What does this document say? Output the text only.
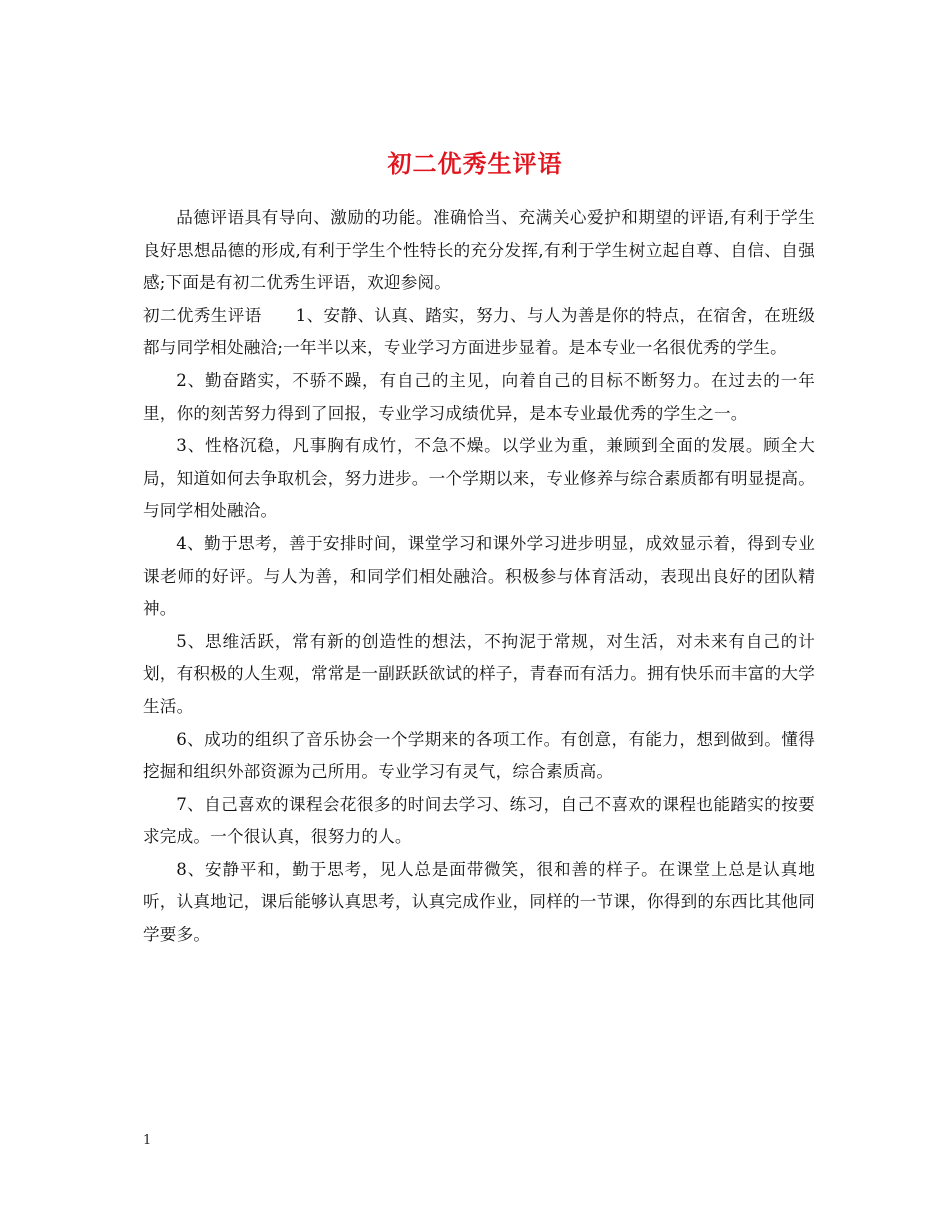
初二优秀生评语

品德评语具有导向、激励的功能。准确恰当、充满关心爱护和期望的评语,有利于学生良好思想品德的形成,有利于学生个性特长的充分发挥,有利于学生树立起自尊、自信、自强感;下面是有初二优秀生评语，欢迎参阅。

初二优秀生评语 1、安静、认真、踏实，努力、与人为善是你的特点，在宿舍，在班级都与同学相处融洽;一年半以来，专业学习方面进步显着。是本专业一名很优秀的学生。

2、勤奋踏实，不骄不躁，有自己的主见，向着自己的目标不断努力。在过去的一年里，你的刻苦努力得到了回报，专业学习成绩优异，是本专业最优秀的学生之一。

3、性格沉稳，凡事胸有成竹，不急不燥。以学业为重，兼顾到全面的发展。顾全大局，知道如何去争取机会，努力进步。一个学期以来，专业修养与综合素质都有明显提高。与同学相处融洽。

4、勤于思考，善于安排时间，课堂学习和课外学习进步明显，成效显示着，得到专业课老师的好评。与人为善，和同学们相处融洽。积极参与体育活动，表现出良好的团队精神。

5、思维活跃，常有新的创造性的想法，不拘泥于常规，对生活，对未来有自己的计划，有积极的人生观，常常是一副跃跃欲试的样子，青春而有活力。拥有快乐而丰富的大学生活。

6、成功的组织了音乐协会一个学期来的各项工作。有创意，有能力，想到做到。懂得挖掘和组织外部资源为己所用。专业学习有灵气，综合素质高。

7、自己喜欢的课程会花很多的时间去学习、练习，自己不喜欢的课程也能踏实的按要求完成。一个很认真，很努力的人。

8、安静平和，勤于思考，见人总是面带微笑，很和善的样子。在课堂上总是认真地听，认真地记，课后能够认真思考，认真完成作业，同样的一节课，你得到的东西比其他同学要多。

1
